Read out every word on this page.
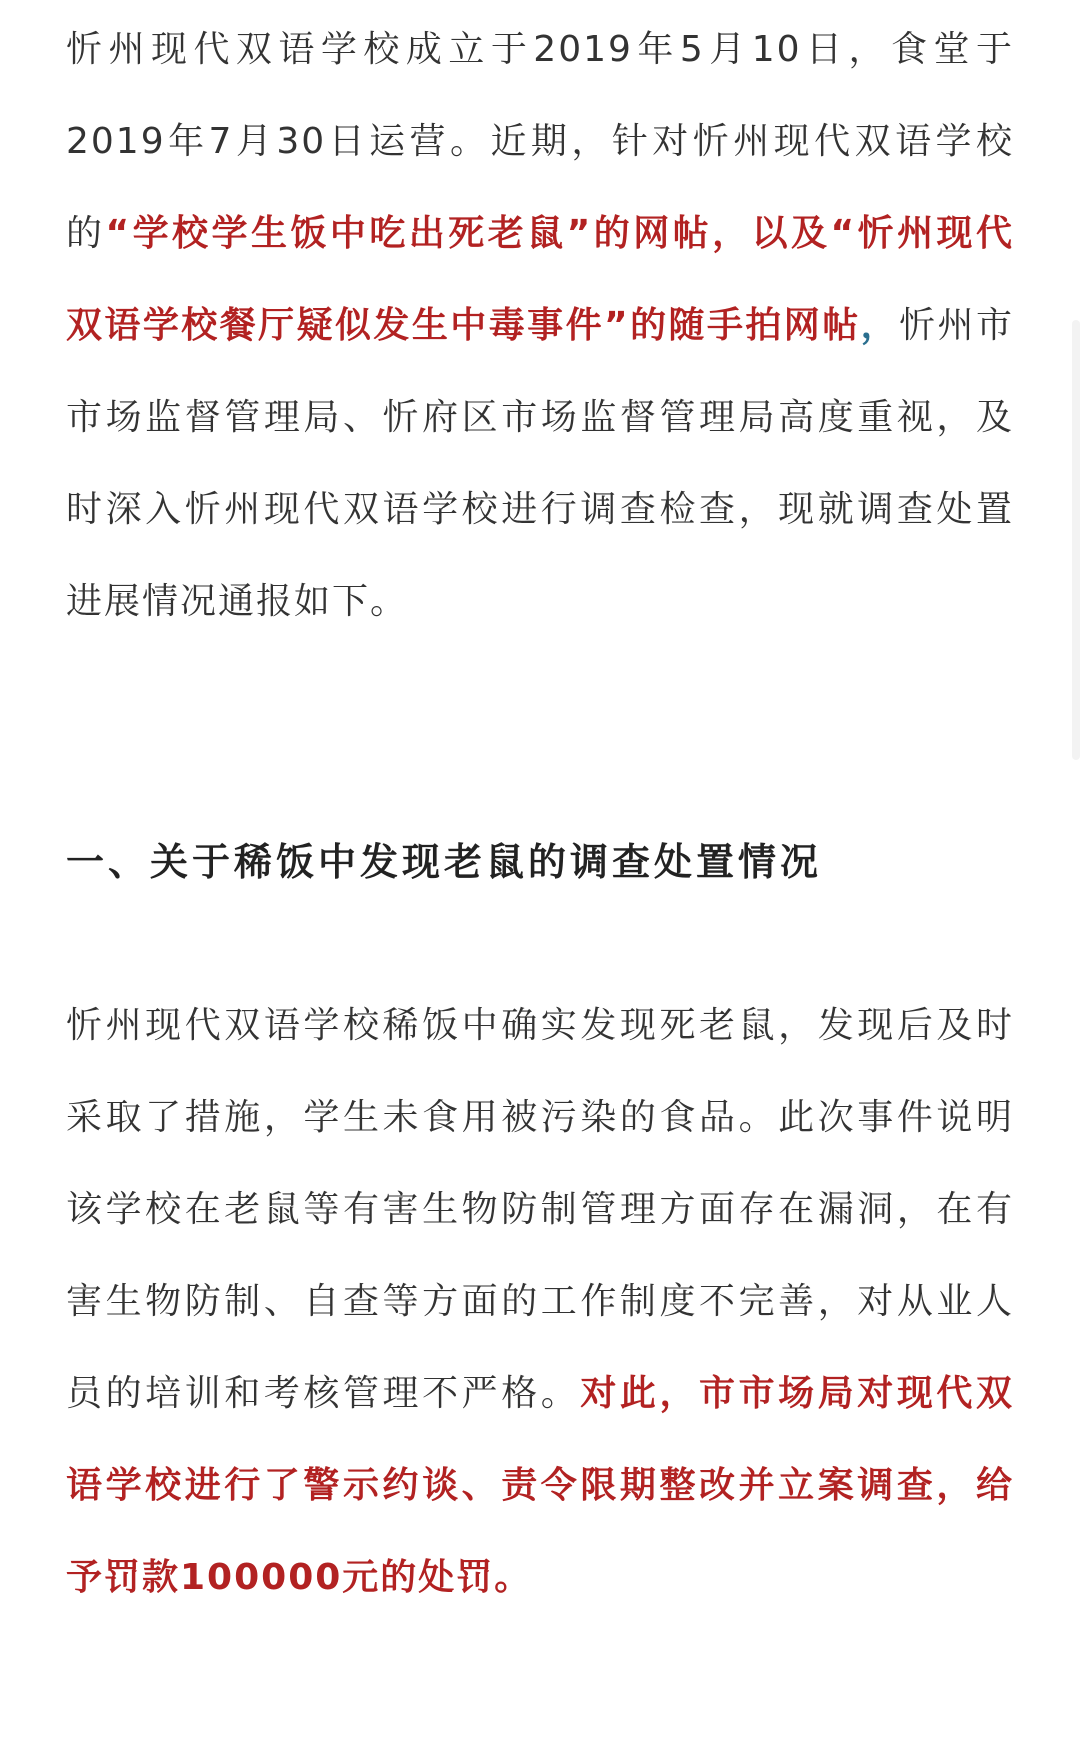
忻州现代双语学校成立于2019年5月10日，食堂于2019年7月30日运营。近期，针对忻州现代双语学校的“学校学生饭中吃出死老鼠”的网帖，以及“忻州现代双语学校餐厅疑似发生中毒事件”的随手拍网帖，忻州市市场监督管理局、忻府区市场监督管理局高度重视，及时深入忻州现代双语学校进行调查检查，现就调查处置进展情况通报如下。

一、关于稀饭中发现老鼠的调查处置情况

忻州现代双语学校稀饭中确实发现死老鼠，发现后及时采取了措施，学生未食用被污染的食品。此次事件说明该学校在老鼠等有害生物防制管理方面存在漏洞，在有害生物防制、自查等方面的工作制度不完善，对从业人员的培训和考核管理不严格。对此，市市场局对现代双语学校进行了警示约谈、责令限期整改并立案调查，给予罚款100000元的处罚。
